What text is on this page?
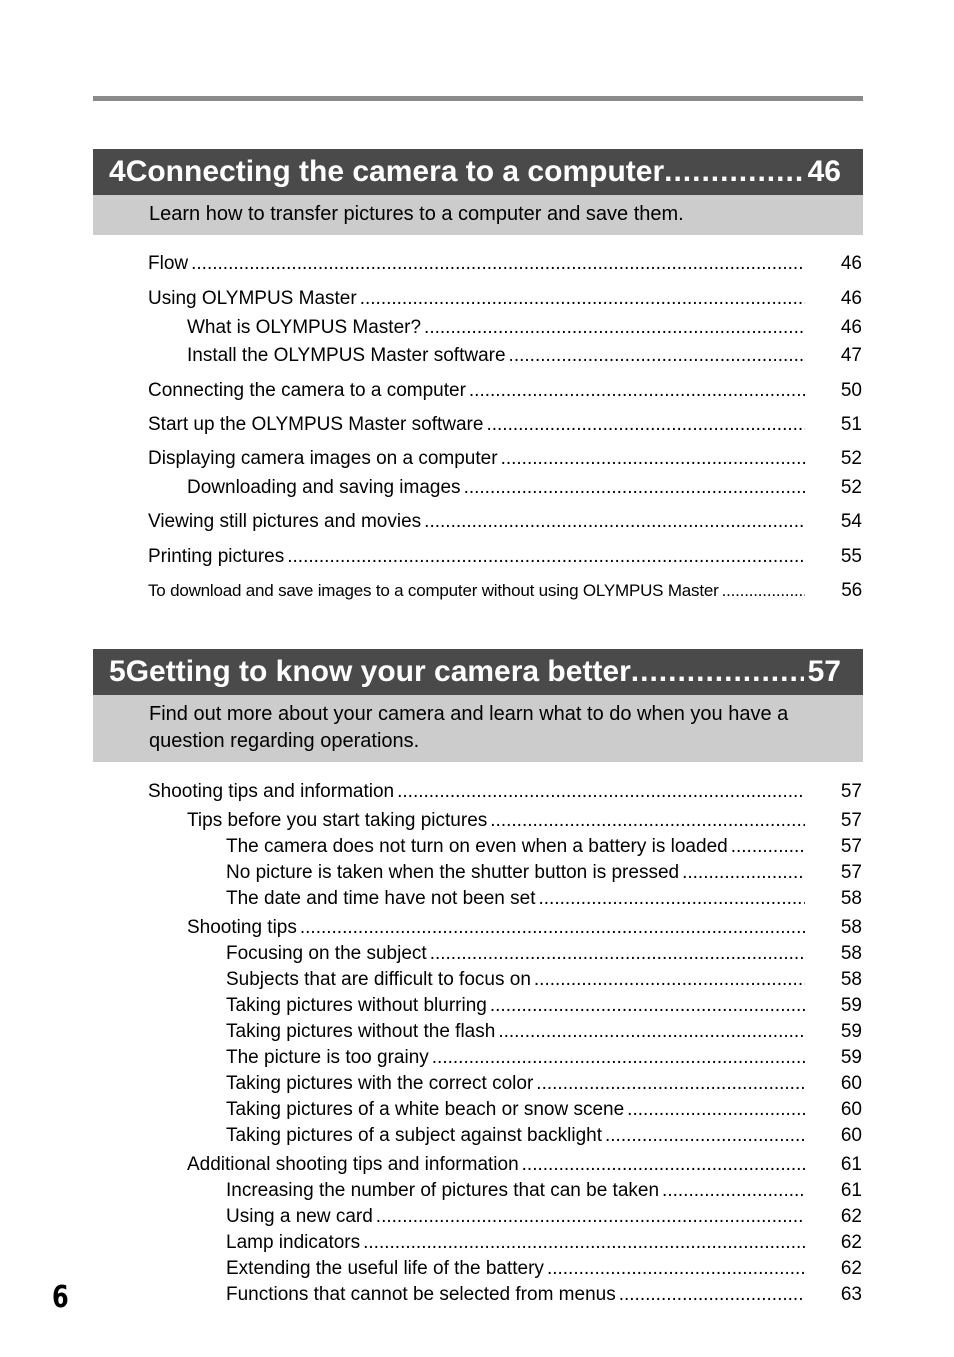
4 Connecting the camera to a computer .....	46
Learn how to transfer pictures to a computer and save them.
5 Getting to know your camera better .....	57
Find out more about your camera and learn what to do when you have a question regarding operations.
Flow .....	46
Using OLYMPUS Master .....	46
What is OLYMPUS Master? .....	46
Install the OLYMPUS Master software .....	47
Connecting the camera to a computer .....	50
Start up the OLYMPUS Master software .....	51
Displaying camera images on a computer .....	52
Downloading and saving images .....	52
Viewing still pictures and movies .....	54
Printing pictures .....	55
To download and save images to a computer without using OLYMPUS Master .....	56
Shooting tips and information .....	57
Tips before you start taking pictures .....	57
The camera does not turn on even when a battery is loaded .....	57
No picture is taken when the shutter button is pressed .....	57
The date and time have not been set .....	58
Shooting tips .....	58
Focusing on the subject .....	58
Subjects that are difficult to focus on .....	58
Taking pictures without blurring .....	59
Taking pictures without the flash .....	59
The picture is too grainy .....	59
Taking pictures with the correct color .....	60
Taking pictures of a white beach or snow scene .....	60
Taking pictures of a subject against backlight .....	60
Additional shooting tips and information .....	61
Increasing the number of pictures that can be taken .....	61
Using a new card .....	62
Lamp indicators .....	62
Extending the useful life of the battery .....	62
Functions that cannot be selected from menus .....	63
6
